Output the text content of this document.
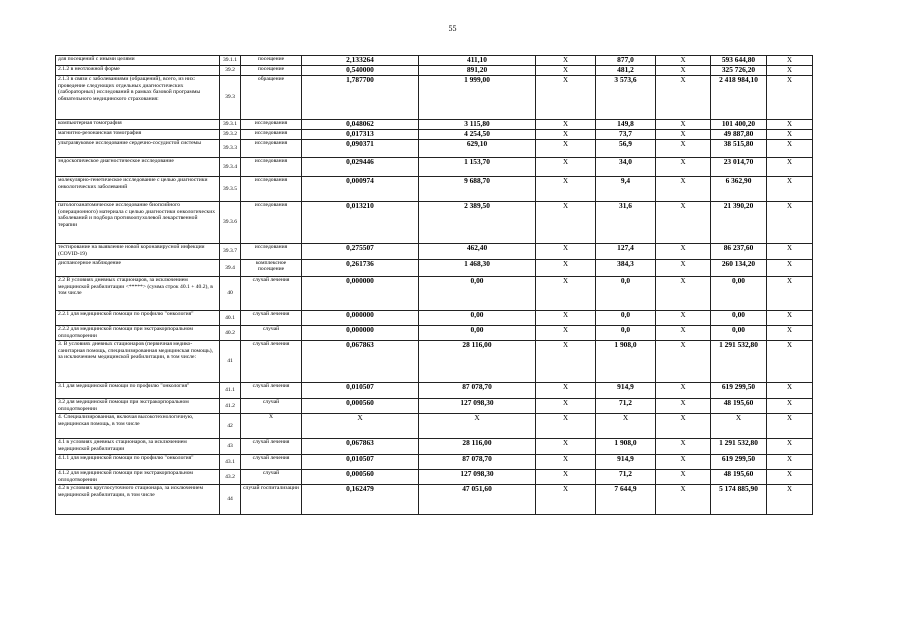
55
для посещений с иными целями	39.1.1	посещение	2,133264	411,10	X	877,0	X	593 644,80	X
2.1.2 в неотложной форме	39.2	посещение	0,540000	891,20	X	481,2	X	325 726,20	X
2.1.3 в связи с заболеваниями (обращений), всего, из них: проведение следующих отдельных диагностических (лабораторных) исследований в рамках базовой программы обязательного медицинского страхования:	39.3	обращение	1,787700	1 999,00	X	3 573,6	X	2 418 984,10	X
компьютерная томография	39.3.1	исследования	0,048062	3 115,80	X	149,8	X	101 400,20	X
магнитно-резонансная томография	39.3.2	исследования	0,017313	4 254,50	X	73,7	X	49 887,80	X
ультразвуковое исследование сердечно-сосудистой системы	39.3.3	исследования	0,090371	629,10	X	56,9	X	38 515,80	X
эндоскопическое диагностическое исследование	39.3.4	исследования	0,029446	1 153,70	X	34,0	X	23 014,70	X
молекулярно-генетическое исследование с целью диагностики онкологических заболеваний	39.3.5	исследования	0,000974	9 688,70	X	9,4	X	6 362,90	X
патологоанатомическое исследование биопсийного (операционного) материала с целью диагностики онкологических заболеваний и подбора противоопухолевой лекарственной терапии	39.3.6	исследования	0,013210	2 389,50	X	31,6	X	21 390,20	X
тестирование на выявление новой коронавирусной инфекции (COVID-19)	39.3.7	исследования	0,275507	462,40	X	127,4	X	86 237,60	X
диспансерное наблюдение	39.4	комплексное посещение	0,261736	1 468,30	X	384,3	X	260 134,20	X
2.2 В условиях дневных стационаров, за исключением медицинской реабилитации <*****> (сумма строк 40.1 + 40.2), в том числе	40	случай лечения	0,000000	0,00	X	0,0	X	0,00	X
2.2.1 для медицинской помощи по профилю "онкология"	40.1	случай лечения	0,000000	0,00	X	0,0	X	0,00	X
2.2.2 для медицинской помощи при экстракорпоральном оплодотворении	40.2	случай	0,000000	0,00	X	0,0	X	0,00	X
3. В условиях дневных стационаров (первичная медико-санитарная помощь, специализированная медицинская помощь), за исключением медицинской реабилитации, в том числе:	41	случай лечения	0,067863	28 116,00	X	1 908,0	X	1 291 532,80	X
3.1 для медицинской помощи по профилю "онкология"	41.1	случай лечения	0,010507	87 078,70	X	914,9	X	619 299,50	X
3.2 для медицинской помощи при экстракорпоральном оплодотворении	41.2	случай	0,000560	127 098,30	X	71,2	X	48 195,60	X
4. Специализированная, включая высокотехнологичную, медицинская помощь, в том числе	42	X	X	X	X	X	X	X	X
4.1 в условиях дневных стационаров, за исключением медицинской реабилитации	43	случай лечения	0,067863	28 116,00	X	1 908,0	X	1 291 532,80	X
4.1.1 для медицинской помощи по профилю "онкология"	43.1	случай лечения	0,010507	87 078,70	X	914,9	X	619 299,50	X
4.1.2 для медицинской помощи при экстракорпоральном оплодотворении	43.2	случай	0,000560	127 098,30	X	71,2	X	48 195,60	X
4.2 в условиях круглосуточного стационара, за исключением медицинской реабилитации, в том числе	44	случай госпитализации	0,162479	47 051,60	X	7 644,9	X	5 174 885,90	X
